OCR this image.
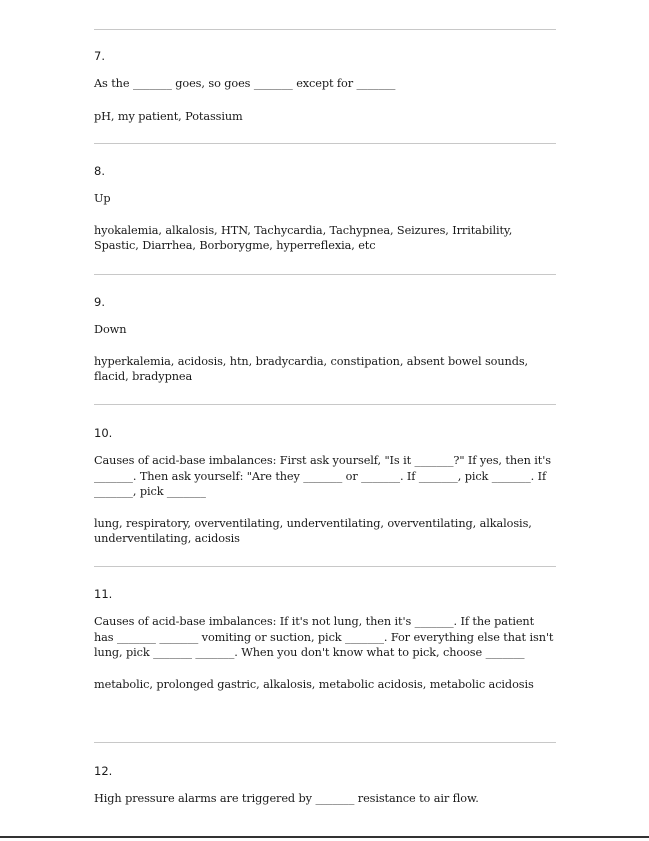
7.

As the _______ goes, so goes _______ except for _______

pH, my patient, Potassium

8.

Up

hyokalemia, alkalosis, HTN, Tachycardia, Tachypnea, Seizures, Irritability, Spastic, Diarrhea, Borborygme, hyperreflexia, etc

9.

Down

hyperkalemia, acidosis, htn, bradycardia, constipation, absent bowel sounds, flacid, bradypnea

10.

Causes of acid-base imbalances: First ask yourself, "Is it _______?" If yes, then it's _______. Then ask yourself: "Are they _______ or _______. If _______, pick _______. If _______, pick _______

lung, respiratory, overventilating, underventilating, overventilating, alkalosis, underventilating, acidosis

11.

Causes of acid-base imbalances: If it's not lung, then it's _______. If the patient has _______ _______ vomiting or suction, pick _______. For everything else that isn't lung, pick _______ _______. When you don't know what to pick, choose _______

metabolic, prolonged gastric, alkalosis, metabolic acidosis, metabolic acidosis

12.

High pressure alarms are triggered by _______ resistance to air flow.
